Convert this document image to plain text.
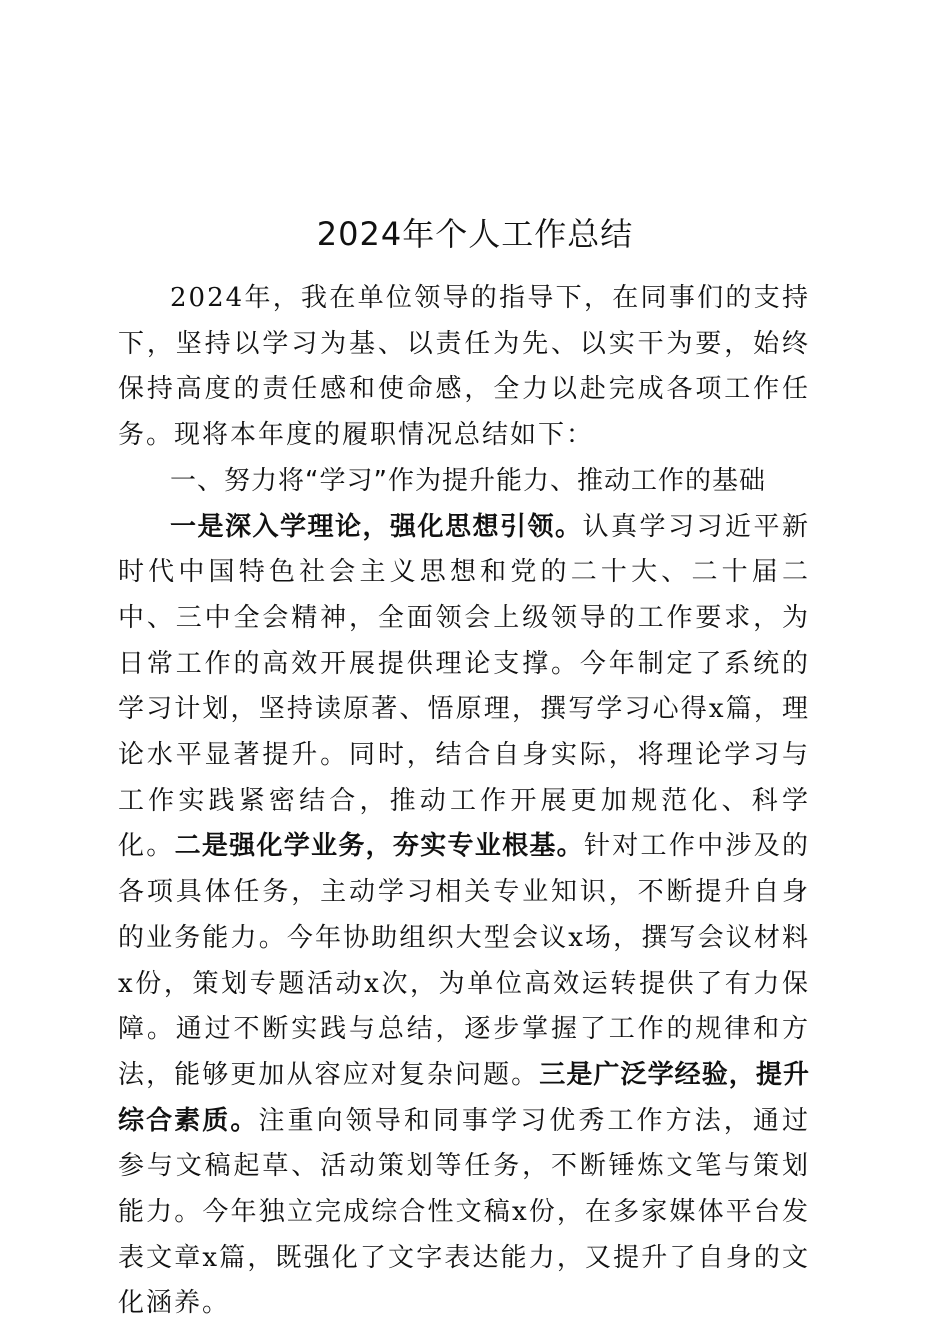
2024年个人工作总结

2024年，我在单位领导的指导下，在同事们的支持下，坚持以学习为基、以责任为先、以实干为要，始终保持高度的责任感和使命感，全力以赴完成各项工作任务。现将本年度的履职情况总结如下：

一、努力将“学习”作为提升能力、推动工作的基础

一是深入学理论，强化思想引领。认真学习习近平新时代中国特色社会主义思想和党的二十大、二十届二中、三中全会精神，全面领会上级领导的工作要求，为日常工作的高效开展提供理论支撑。今年制定了系统的学习计划，坚持读原著、悟原理，撰写学习心得x篇，理论水平显著提升。同时，结合自身实际，将理论学习与工作实践紧密结合，推动工作开展更加规范化、科学化。二是强化学业务，夯实专业根基。针对工作中涉及的各项具体任务，主动学习相关专业知识，不断提升自身的业务能力。今年协助组织大型会议x场，撰写会议材料x份，策划专题活动x次，为单位高效运转提供了有力保障。通过不断实践与总结，逐步掌握了工作的规律和方法，能够更加从容应对复杂问题。三是广泛学经验，提升综合素质。注重向领导和同事学习优秀工作方法，通过参与文稿起草、活动策划等任务，不断锤炼文笔与策划能力。今年独立完成综合性文稿x份，在多家媒体平台发表文章x篇，既强化了文字表达能力，又提升了自身的文化涵养。
